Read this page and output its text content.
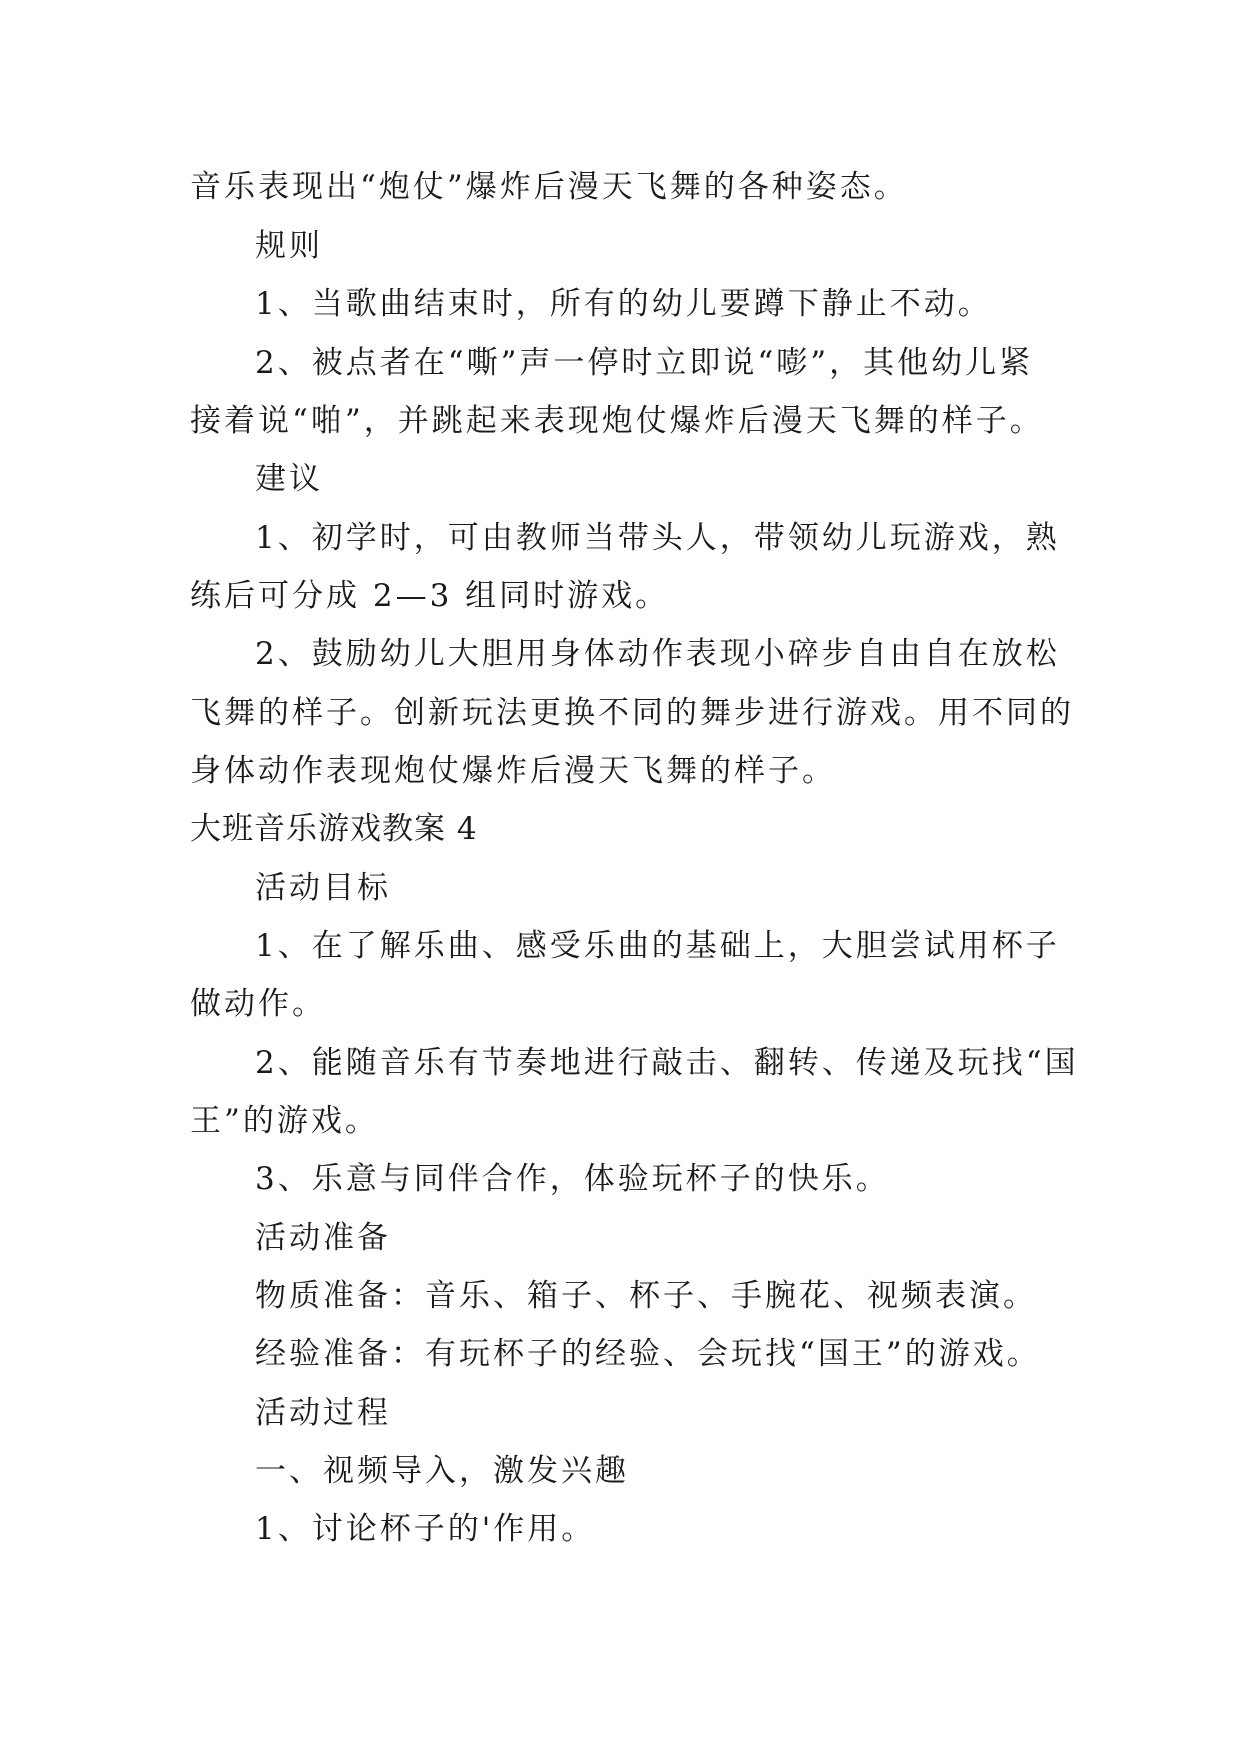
音乐表现出“炮仗”爆炸后漫天飞舞的各种姿态。
规则
1、当歌曲结束时，所有的幼儿要蹲下静止不动。
2、被点者在“嘶”声一停时立即说“嘭”，其他幼儿紧
接着说“啪”，并跳起来表现炮仗爆炸后漫天飞舞的样子。
建议
1、初学时，可由教师当带头人，带领幼儿玩游戏，熟
练后可分成 2—3 组同时游戏。
2、鼓励幼儿大胆用身体动作表现小碎步自由自在放松
飞舞的样子。创新玩法更换不同的舞步进行游戏。用不同的
身体动作表现炮仗爆炸后漫天飞舞的样子。
大班音乐游戏教案 4
活动目标
1、在了解乐曲、感受乐曲的基础上，大胆尝试用杯子
做动作。
2、能随音乐有节奏地进行敲击、翻转、传递及玩找“国
王”的游戏。
3、乐意与同伴合作，体验玩杯子的快乐。
活动准备
物质准备：音乐、箱子、杯子、手腕花、视频表演。
经验准备：有玩杯子的经验、会玩找“国王”的游戏。
活动过程
一、视频导入，激发兴趣
1、讨论杯子的'作用。
